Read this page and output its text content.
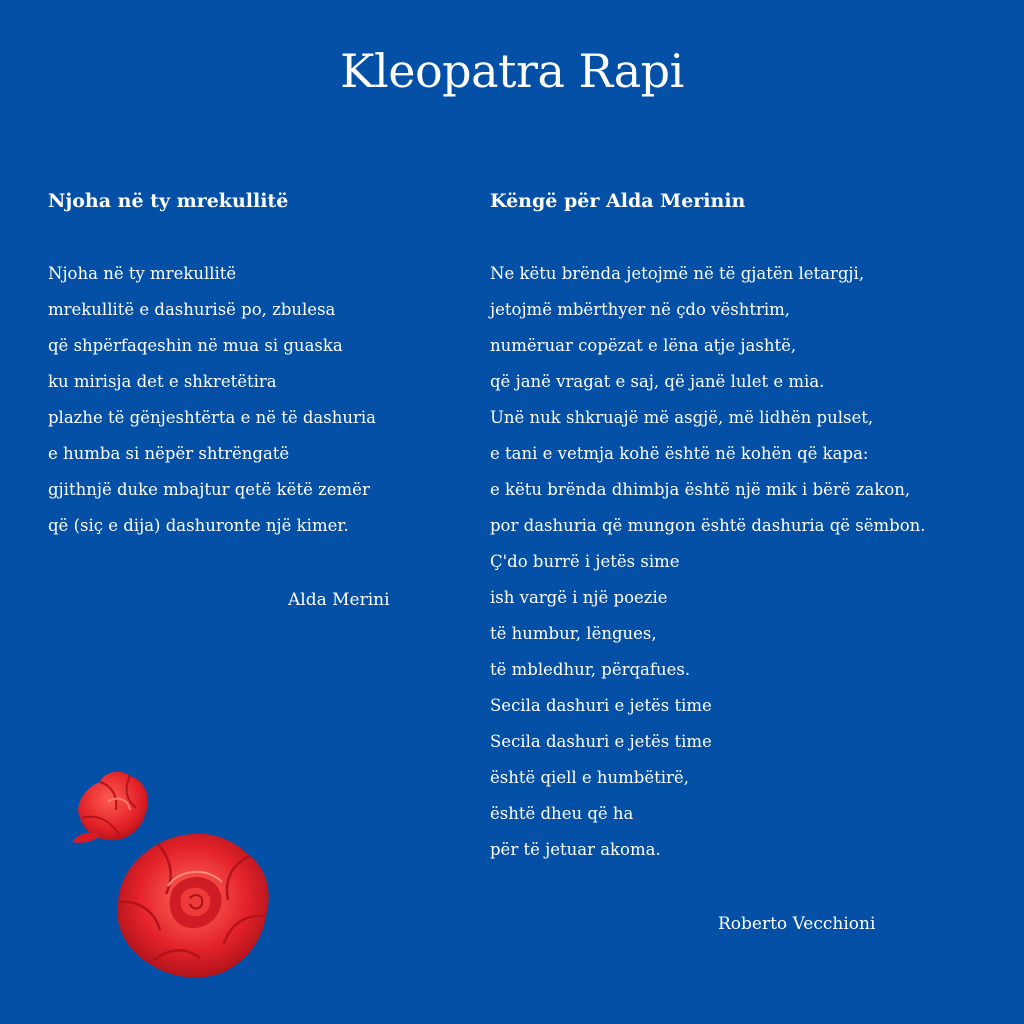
Kleopatra Rapi
Njoha në ty mrekullitë
Njoha në ty mrekullitë
mrekullitë e dashurisë po, zbulesa
që shpërfaqeshin në mua si guaska
ku mirisja det e shkretëtira
plazhe të gënjeshtërta e në të dashuria
e humba si nëpër shtrëngatë
gjithnjë duke mbajtur qetë këtë zemër
që (siç e dija) dashuronte një kimer.
Alda Merini
Këngë për Alda Merinin
Ne këtu brënda jetojmë në të gjatën letargji,
jetojmë mbërthyer në çdo vështrim,
numëruar copëzat e lëna atje jashtë,
që janë vragat e saj, që janë lulet e mia.
Unë nuk shkruajë më asgjë, më lidhën pulset,
e tani e vetmja kohë është në kohën që kapa:
e këtu brënda dhimbja është një mik i bërë zakon,
por dashuria që mungon është dashuria që sëmbon.
Ç'do burrë i jetës sime
ish vargë i një poezie
të humbur, lëngues,
të mbledhur, përqafues.
Secila dashuri e jetës time
Secila dashuri e jetës time
është qiell e humbëtirë,
është dheu që ha
për të jetuar akoma.
Roberto Vecchioni
